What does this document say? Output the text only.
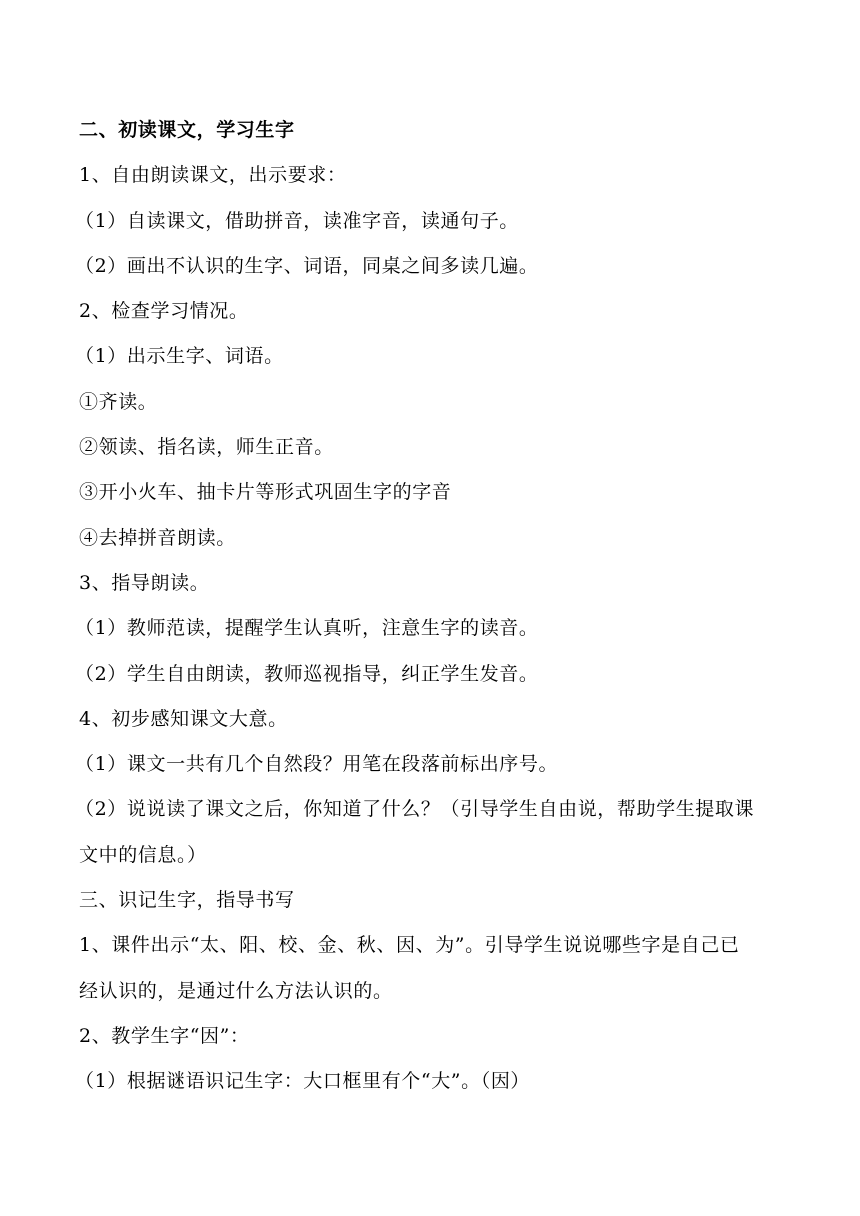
二、初读课文，学习生字
1、自由朗读课文，出示要求：
（1）自读课文，借助拼音，读准字音，读通句子。
（2）画出不认识的生字、词语，同桌之间多读几遍。
2、检查学习情况。
（1）出示生字、词语。
①齐读。
②领读、指名读，师生正音。
③开小火车、抽卡片等形式巩固生字的字音
④去掉拼音朗读。
3、指导朗读。
（1）教师范读，提醒学生认真听，注意生字的读音。
（2）学生自由朗读，教师巡视指导，纠正学生发音。
4、初步感知课文大意。
（1）课文一共有几个自然段？用笔在段落前标出序号。
（2）说说读了课文之后，你知道了什么？（引导学生自由说，帮助学生提取课
文中的信息。）
三、识记生字，指导书写
1、课件出示“太、阳、校、金、秋、因、为”。引导学生说说哪些字是自己已
经认识的，是通过什么方法认识的。
2、教学生字“因”：
（1）根据谜语识记生字：大口框里有个“大”。（因）
